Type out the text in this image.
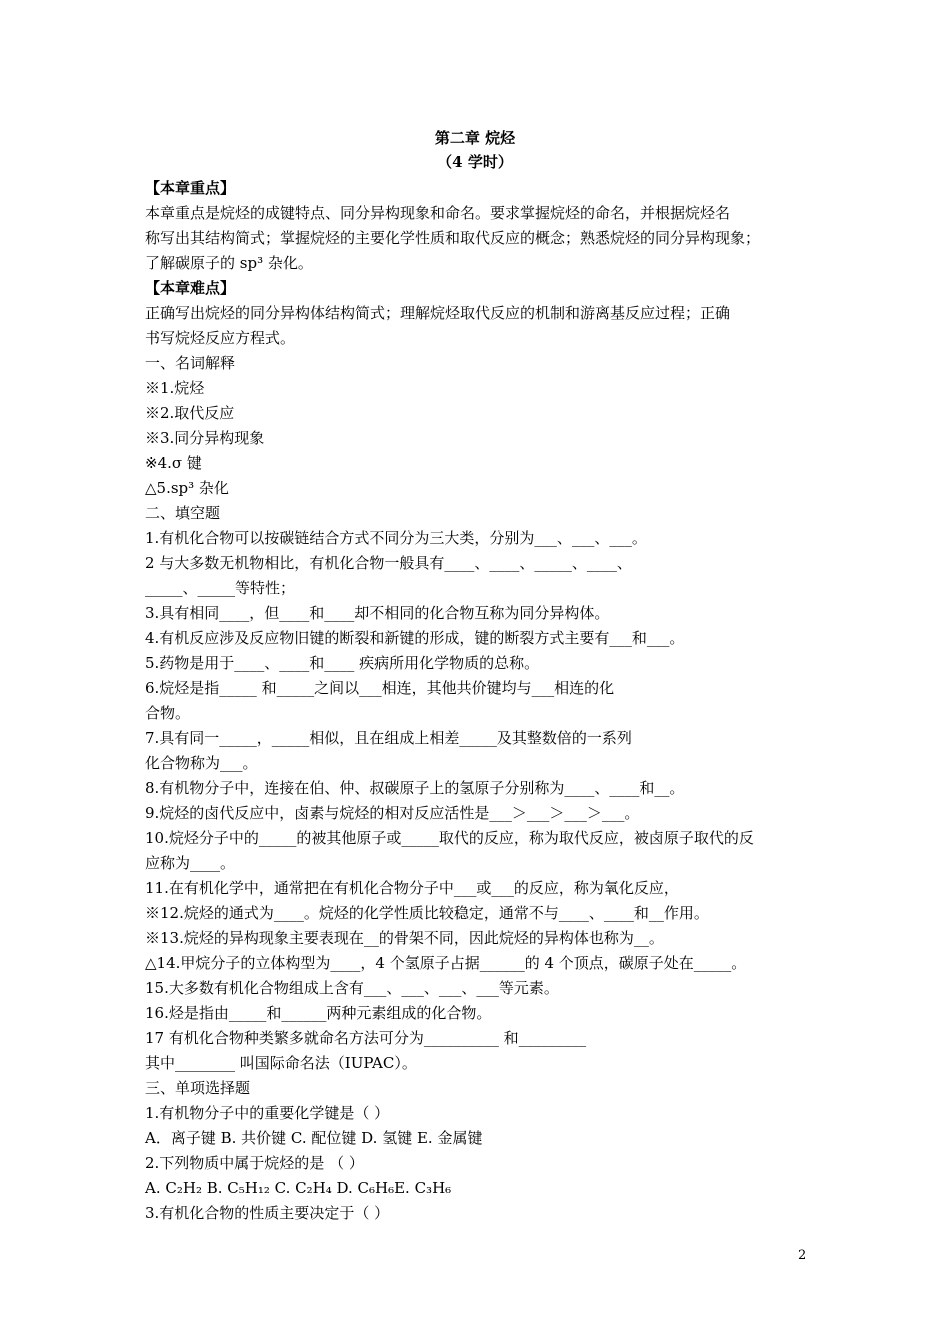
第二章 烷烃
（4 学时）
【本章重点】
本章重点是烷烃的成键特点、同分异构现象和命名。要求掌握烷烃的命名，并根据烷烃名
称写出其结构简式；掌握烷烃的主要化学性质和取代反应的概念；熟悉烷烃的同分异构现象；
了解碳原子的 sp³ 杂化。
【本章难点】
正确写出烷烃的同分异构体结构简式；理解烷烃取代反应的机制和游离基反应过程；正确
书写烷烃反应方程式。
一、名词解释
※1.烷烃
※2.取代反应
※3.同分异构现象
※4.σ 键
△5.sp³ 杂化
二、填空题
1.有机化合物可以按碳链结合方式不同分为三大类，分别为___、___、___。
2 与大多数无机物相比，有机化合物一般具有____、____、_____、____、
_____、_____等特性；
3.具有相同____，但____和____却不相同的化合物互称为同分异构体。
4.有机反应涉及反应物旧键的断裂和新键的形成，键的断裂方式主要有___和___。
5.药物是用于____、____和____ 疾病所用化学物质的总称。
6.烷烃是指_____ 和_____之间以___相连，其他共价键均与___相连的化
合物。
7.具有同一_____，_____相似，且在组成上相差_____及其整数倍的一系列
化合物称为___。
8.有机物分子中，连接在伯、仲、叔碳原子上的氢原子分别称为____、____和__。
9.烷烃的卤代反应中，卤素与烷烃的相对反应活性是___＞___＞___＞___。
10.烷烃分子中的_____的被其他原子或_____取代的反应，称为取代反应，被卤原子取代的反
应称为____。
11.在有机化学中，通常把在有机化合物分子中___或___的反应，称为氧化反应，
※12.烷烃的通式为____。烷烃的化学性质比较稳定，通常不与____、____和__作用。
※13.烷烃的异构现象主要表现在__的骨架不同，因此烷烃的异构体也称为__。
△14.甲烷分子的立体构型为____，4 个氢原子占据______的 4 个顶点，碳原子处在_____。
15.大多数有机化合物组成上含有___、___、___、___等元素。
16.烃是指由_____和______两种元素组成的化合物。
17 有机化合物种类繁多就命名方法可分为__________ 和_________
其中________ 叫国际命名法（IUPAC）。
三、单项选择题
1.有机物分子中的重要化学键是（ ）
A．离子键 B. 共价键 C. 配位键 D. 氢键 E. 金属键
2.下列物质中属于烷烃的是 （ ）
A. C₂H₂ B. C₅H₁₂ C. C₂H₄ D. C₆H₆E. C₃H₆
3.有机化合物的性质主要决定于（ ）
2
